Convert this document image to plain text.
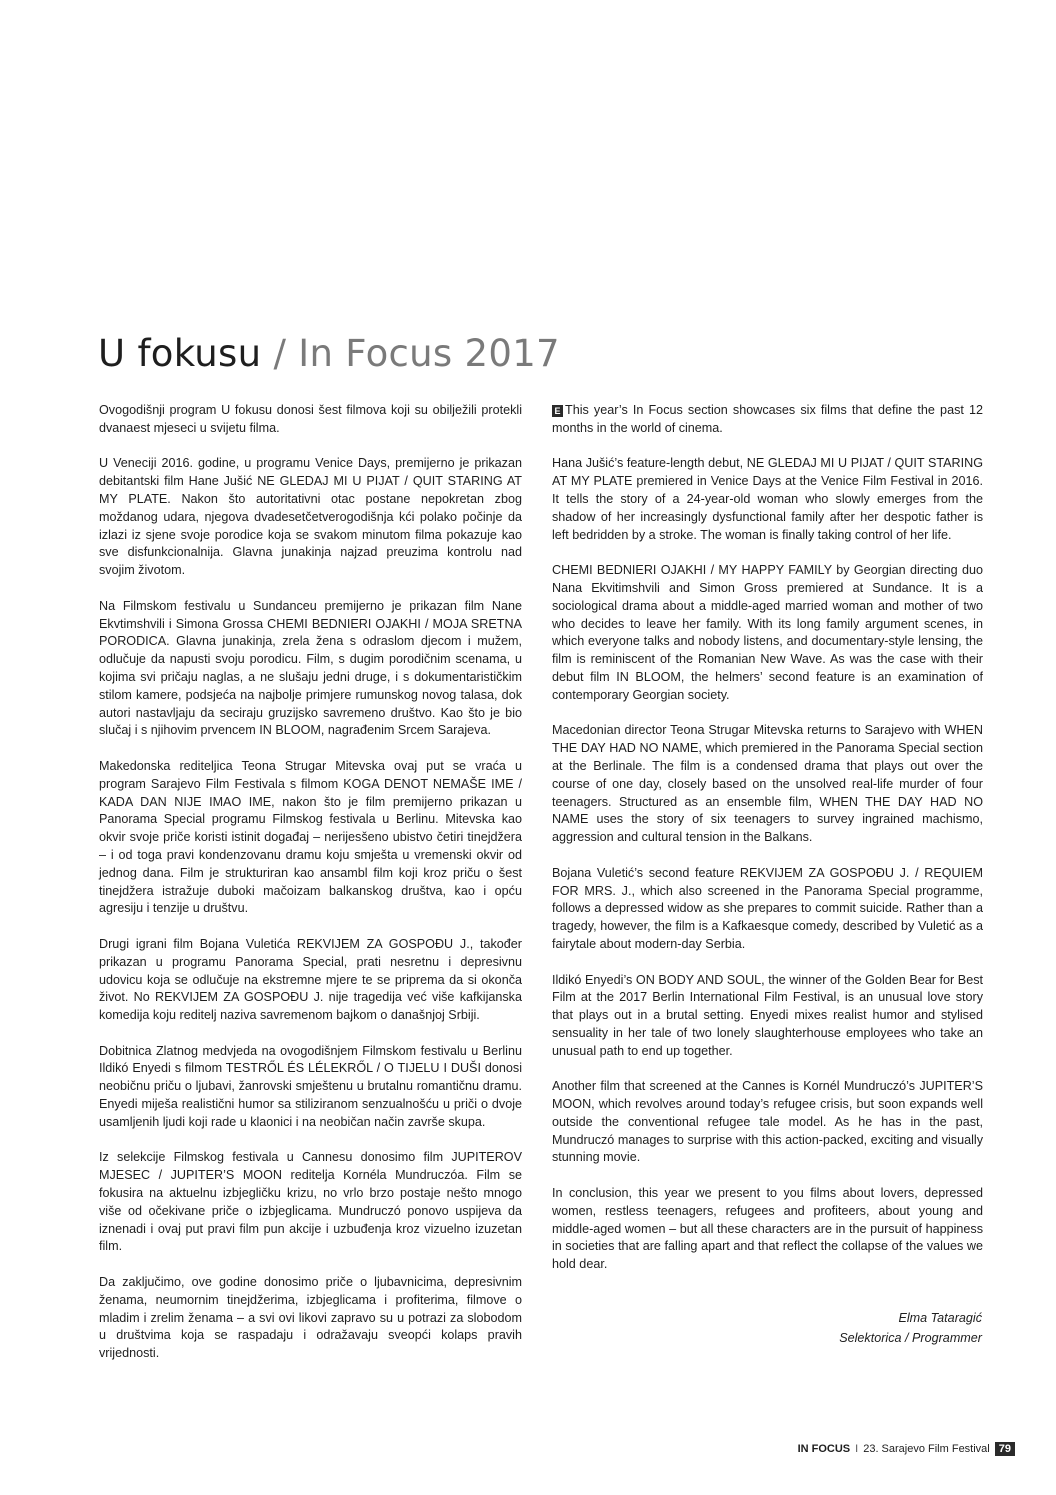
U fokusu / In Focus 2017

Ovogodišnji program U fokusu donosi šest filmova koji su obilježili protekli dvanaest mjeseci u svijetu filma.

U Veneciji 2016. godine, u programu Venice Days, premijerno je prikazan debitantski film Hane Jušić NE GLEDAJ MI U PIJAT / QUIT STARING AT MY PLATE. Nakon što autoritativni otac postane nepokretan zbog moždanog udara, njegova dvadesetčetverogodišnja kći polako počinje da izlazi iz sjene svoje porodice koja se svakom minutom filma pokazuje kao sve disfunkcionalnija. Glavna junakinja najzad preuzima kontrolu nad svojim životom.

Na Filmskom festivalu u Sundanceu premijerno je prikazan film Nane Ekvtimshvili i Simona Grossa CHEMI BEDNIERI OJAKHI / MOJA SRETNA PORODICA. Glavna junakinja, zrela žena s odraslom djecom i mužem, odlučuje da napusti svoju porodicu. Film, s dugim porodičnim scenama, u kojima svi pričaju naglas, a ne slušaju jedni druge, i s dokumentarističkim stilom kamere, podsjeća na najbolje primjere rumunskog novog talasa, dok autori nastavljaju da seciraju gruzijsko savremeno društvo. Kao što je bio slučaj i s njihovim prvencem IN BLOOM, nagrađenim Srcem Sarajeva.

Makedonska rediteljica Teona Strugar Mitevska ovaj put se vraća u program Sarajevo Film Festivala s filmom KOGA DENOT NEMAŠE IME / KADA DAN NIJE IMAO IME, nakon što je film premijerno prikazan u Panorama Special programu Filmskog festivala u Berlinu. Mitevska kao okvir svoje priče koristi istinit događaj – nerijesšeno ubistvo četiri tinejdžera – i od toga pravi kondenzovanu dramu koju smješta u vremenski okvir od jednog dana. Film je strukturiran kao ansambl film koji kroz priču o šest tinejdžera istražuje duboki mačoizam balkanskog društva, kao i opću agresiju i tenzije u društvu.

Drugi igrani film Bojana Vuletića REKVIJEM ZA GOSPOĐU J., također prikazan u programu Panorama Special, prati nesretnu i depresivnu udovicu koja se odlučuje na ekstremne mjere te se priprema da si okonča život. No REKVIJEM ZA GOSPOĐU J. nije tragedija već više kafkijanska komedija koju reditelj naziva savremenom bajkom o današnjoj Srbiji.

Dobitnica Zlatnog medvjeda na ovogodišnjem Filmskom festivalu u Berlinu Ildikó Enyedi s filmom TESTRŐL ÉS LÉLEKRŐL / O TIJELU I DUŠI donosi neobičnu priču o ljubavi, žanrovski smještenu u brutalnu romantičnu dramu. Enyedi miješa realistični humor sa stiliziranom senzualnošću u priči o dvoje usamljenih ljudi koji rade u klaonici i na neobičan način završe skupa.

Iz selekcije Filmskog festivala u Cannesu donosimo film JUPITEROV MJESEC / JUPITER’S MOON reditelja Kornéla Mundruczóa. Film se fokusira na aktuelnu izbjegličku krizu, no vrlo brzo postaje nešto mnogo više od očekivane priče o izbjeglicama. Mundruczó ponovo uspijeva da iznenadi i ovaj put pravi film pun akcije i uzbuđenja kroz vizuelno izuzetan film.

Da zaključimo, ove godine donosimo priče o ljubavnicima, depresivnim ženama, neumornim tinejdžerima, izbjeglicama i profiterima, filmove o mladim i zrelim ženama – a svi ovi likovi zapravo su u potrazi za slobodom u društvima koja se raspadaju i odražavaju sveopći kolaps pravih vrijednosti.

E This year’s In Focus section showcases six films that define the past 12 months in the world of cinema.

Hana Jušić’s feature-length debut, NE GLEDAJ MI U PIJAT / QUIT STARING AT MY PLATE premiered in Venice Days at the Venice Film Festival in 2016. It tells the story of a 24-year-old woman who slowly emerges from the shadow of her increasingly dysfunctional family after her despotic father is left bedridden by a stroke. The woman is finally taking control of her life.

CHEMI BEDNIERI OJAKHI / MY HAPPY FAMILY by Georgian directing duo Nana Ekvitimshvili and Simon Gross premiered at Sundance. It is a sociological drama about a middle-aged married woman and mother of two who decides to leave her family. With its long family argument scenes, in which everyone talks and nobody listens, and documentary-style lensing, the film is reminiscent of the Romanian New Wave. As was the case with their debut film IN BLOOM, the helmers’ second feature is an examination of contemporary Georgian society.

Macedonian director Teona Strugar Mitevska returns to Sarajevo with WHEN THE DAY HAD NO NAME, which premiered in the Panorama Special section at the Berlinale. The film is a condensed drama that plays out over the course of one day, closely based on the unsolved real-life murder of four teenagers. Structured as an ensemble film, WHEN THE DAY HAD NO NAME uses the story of six teenagers to survey ingrained machismo, aggression and cultural tension in the Balkans.

Bojana Vuletić’s second feature REKVIJEM ZA GOSPOĐU J. / REQUIEM FOR MRS. J., which also screened in the Panorama Special programme, follows a depressed widow as she prepares to commit suicide. Rather than a tragedy, however, the film is a Kafkaesque comedy, described by Vuletić as a fairytale about modern-day Serbia.

Ildikó Enyedi’s ON BODY AND SOUL, the winner of the Golden Bear for Best Film at the 2017 Berlin International Film Festival, is an unusual love story that plays out in a brutal setting. Enyedi mixes realist humor and stylised sensuality in her tale of two lonely slaughterhouse employees who take an unusual path to end up together.

Another film that screened at the Cannes is Kornél Mundruczó’s JUPITER’S MOON, which revolves around today’s refugee crisis, but soon expands well outside the conventional refugee tale model. As he has in the past, Mundruczó manages to surprise with this action-packed, exciting and visually stunning movie.

In conclusion, this year we present to you films about lovers, depressed women, restless teenagers, refugees and profiteers, about young and middle-aged women – but all these characters are in the pursuit of happiness in societies that are falling apart and that reflect the collapse of the values we hold dear.

Elma Tataragić
Selektorica / Programmer
IN FOCUS I 23. Sarajevo Film Festival 79
